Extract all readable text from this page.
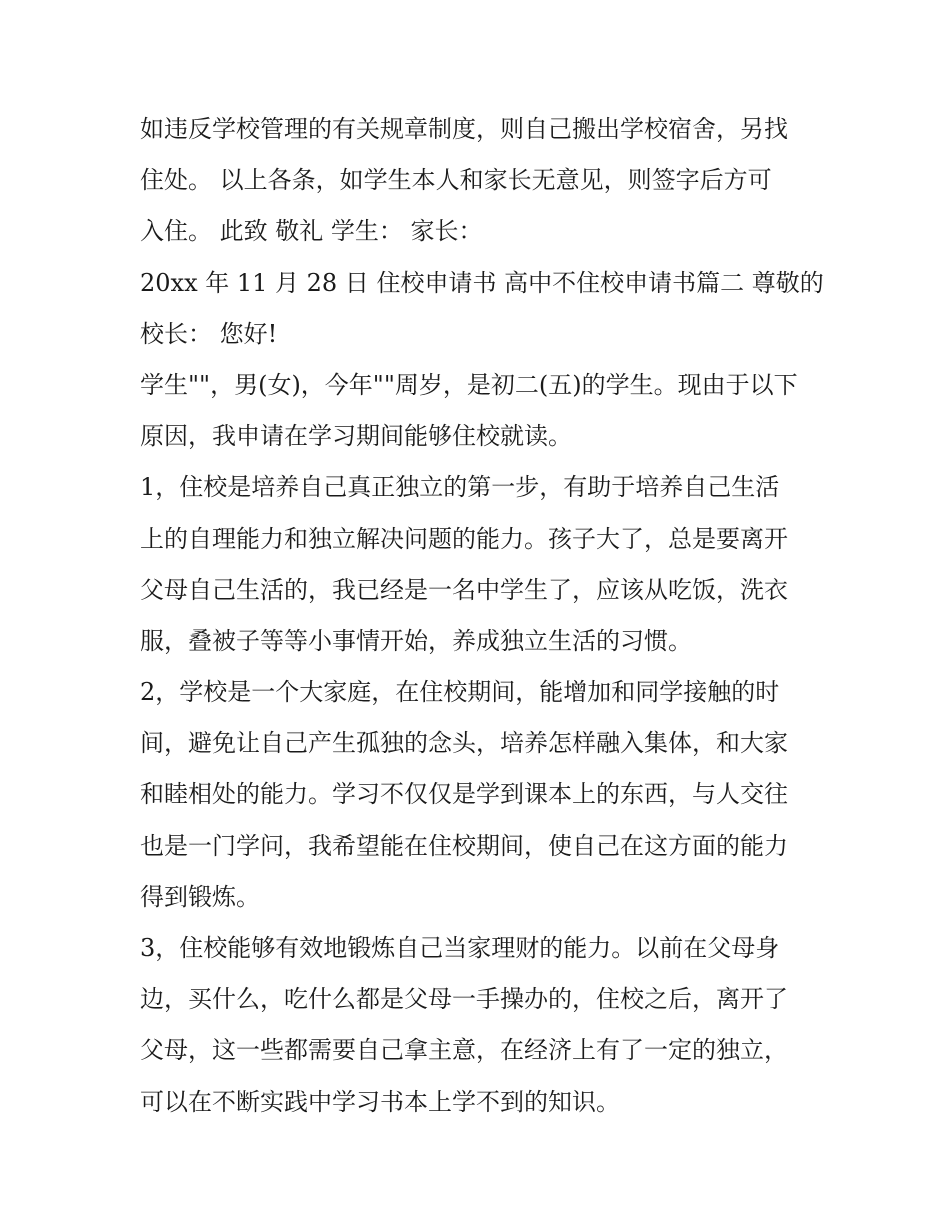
如违反学校管理的有关规章制度，则自己搬出学校宿舍，另找
住处。 以上各条，如学生本人和家长无意见，则签字后方可
入住。 此致 敬礼 学生： 家长：
20xx 年 11 月 28 日 住校申请书 高中不住校申请书篇二 尊敬的
校长： 您好!
学生""，男(女)，今年""周岁，是初二(五)的学生。现由于以下
原因，我申请在学习期间能够住校就读。
1，住校是培养自己真正独立的第一步，有助于培养自己生活
上的自理能力和独立解决问题的能力。孩子大了，总是要离开
父母自己生活的，我已经是一名中学生了，应该从吃饭，洗衣
服，叠被子等等小事情开始，养成独立生活的习惯。
2，学校是一个大家庭，在住校期间，能增加和同学接触的时
间，避免让自己产生孤独的念头，培养怎样融入集体，和大家
和睦相处的能力。学习不仅仅是学到课本上的东西，与人交往
也是一门学问，我希望能在住校期间，使自己在这方面的能力
得到锻炼。
3，住校能够有效地锻炼自己当家理财的能力。以前在父母身
边，买什么，吃什么都是父母一手操办的，住校之后，离开了
父母，这一些都需要自己拿主意，在经济上有了一定的独立，
可以在不断实践中学习书本上学不到的知识。
